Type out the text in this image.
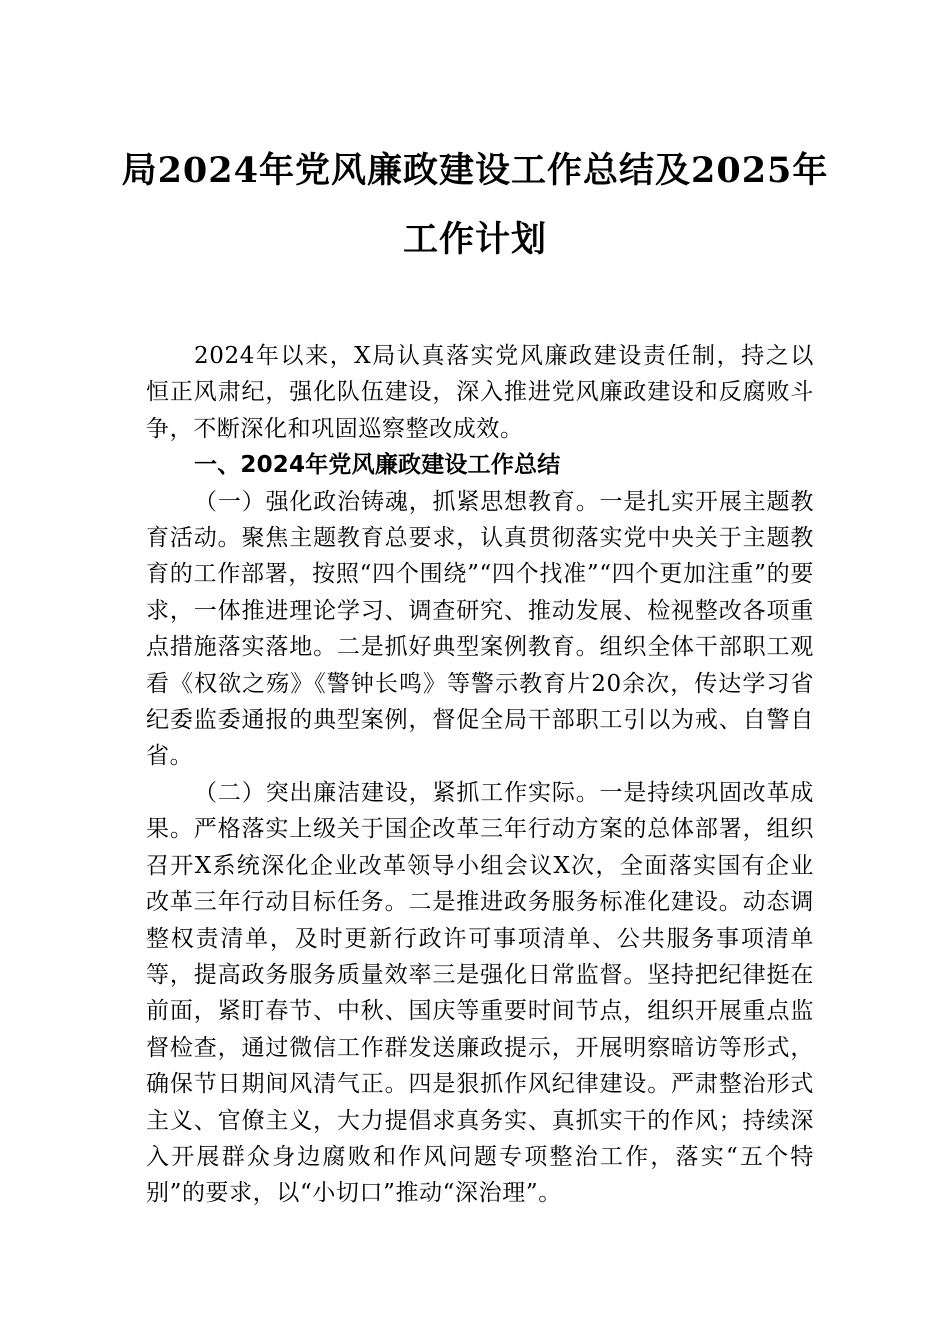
局2024年党风廉政建设工作总结及2025年
工作计划

2024年以来，X局认真落实党风廉政建设责任制，持之以恒正风肃纪，强化队伍建设，深入推进党风廉政建设和反腐败斗争，不断深化和巩固巡察整改成效。

一、2024年党风廉政建设工作总结

（一）强化政治铸魂，抓紧思想教育。一是扎实开展主题教育活动。聚焦主题教育总要求，认真贯彻落实党中央关于主题教育的工作部署，按照“四个围绕”“四个找准”“四个更加注重”的要求，一体推进理论学习、调查研究、推动发展、检视整改各项重点措施落实落地。二是抓好典型案例教育。组织全体干部职工观看《权欲之殇》《警钟长鸣》等警示教育片20余次，传达学习省纪委监委通报的典型案例，督促全局干部职工引以为戒、自警自省。

（二）突出廉洁建设，紧抓工作实际。一是持续巩固改革成果。严格落实上级关于国企改革三年行动方案的总体部署，组织召开X系统深化企业改革领导小组会议X次，全面落实国有企业改革三年行动目标任务。二是推进政务服务标准化建设。动态调整权责清单，及时更新行政许可事项清单、公共服务事项清单等，提高政务服务质量效率三是强化日常监督。坚持把纪律挺在前面，紧盯春节、中秋、国庆等重要时间节点，组织开展重点监督检查，通过微信工作群发送廉政提示，开展明察暗访等形式，确保节日期间风清气正。四是狠抓作风纪律建设。严肃整治形式主义、官僚主义，大力提倡求真务实、真抓实干的作风；持续深入开展群众身边腐败和作风问题专项整治工作，落实“五个特别”的要求，以“小切口”推动“深治理”。
